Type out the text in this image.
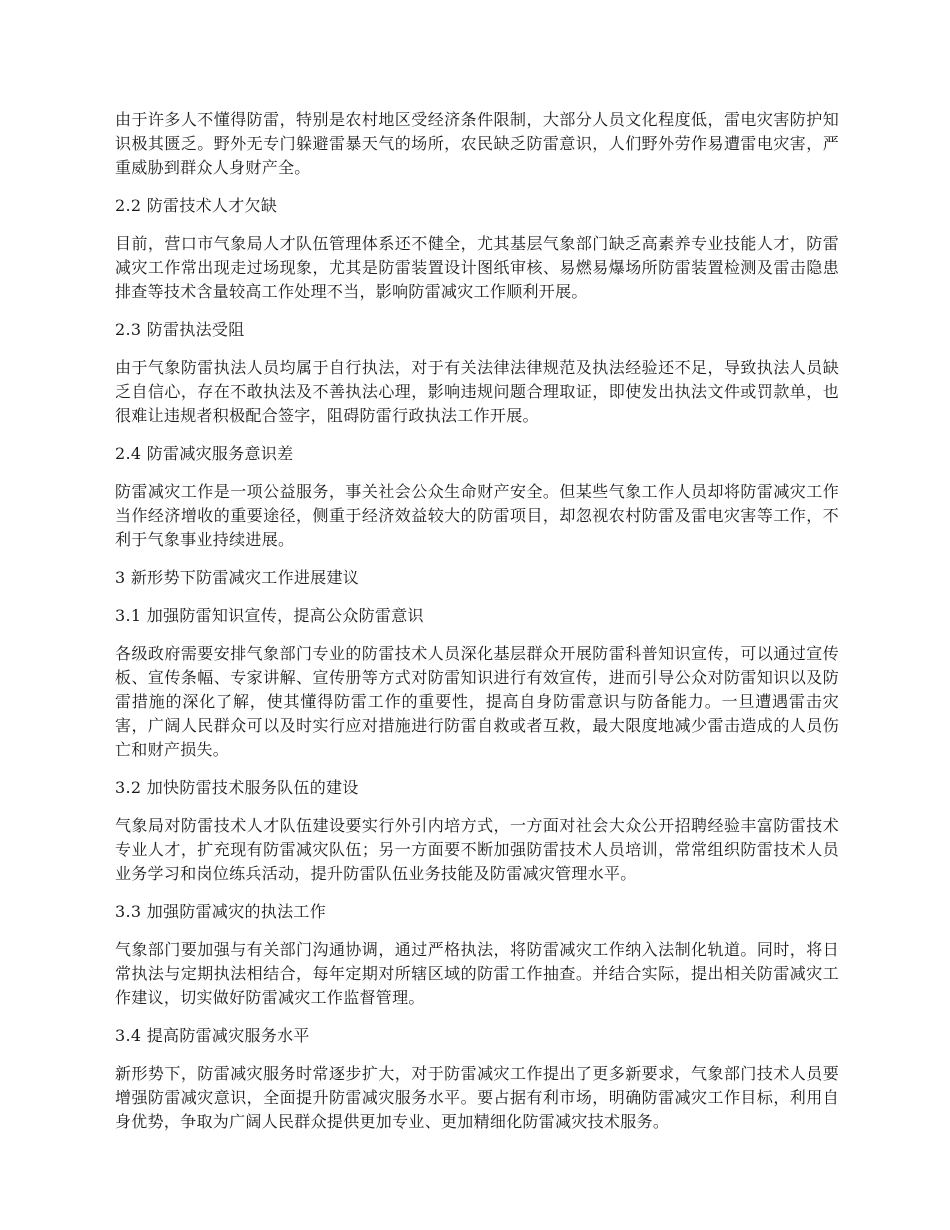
由于许多人不懂得防雷，特别是农村地区受经济条件限制，大部分人员文化程度低，雷电灾害防护知识极其匮乏。野外无专门躲避雷暴天气的场所，农民缺乏防雷意识，人们野外劳作易遭雷电灾害，严重威胁到群众人身财产全。

2.2 防雷技术人才欠缺

目前，营口市气象局人才队伍管理体系还不健全，尤其基层气象部门缺乏高素养专业技能人才，防雷减灾工作常出现走过场现象，尤其是防雷装置设计图纸审核、易燃易爆场所防雷装置检测及雷击隐患排查等技术含量较高工作处理不当，影响防雷减灾工作顺利开展。

2.3 防雷执法受阻

由于气象防雷执法人员均属于自行执法，对于有关法律法律规范及执法经验还不足，导致执法人员缺乏自信心，存在不敢执法及不善执法心理，影响违规问题合理取证，即使发出执法文件或罚款单，也很难让违规者积极配合签字，阻碍防雷行政执法工作开展。

2.4 防雷减灾服务意识差

防雷减灾工作是一项公益服务，事关社会公众生命财产安全。但某些气象工作人员却将防雷减灾工作当作经济增收的重要途径，侧重于经济效益较大的防雷项目，却忽视农村防雷及雷电灾害等工作，不利于气象事业持续进展。

3 新形势下防雷减灾工作进展建议

3.1 加强防雷知识宣传，提高公众防雷意识

各级政府需要安排气象部门专业的防雷技术人员深化基层群众开展防雷科普知识宣传，可以通过宣传板、宣传条幅、专家讲解、宣传册等方式对防雷知识进行有效宣传，进而引导公众对防雷知识以及防雷措施的深化了解，使其懂得防雷工作的重要性，提高自身防雷意识与防备能力。一旦遭遇雷击灾害，广阔人民群众可以及时实行应对措施进行防雷自救或者互救，最大限度地减少雷击造成的人员伤亡和财产损失。

3.2 加快防雷技术服务队伍的建设

气象局对防雷技术人才队伍建设要实行外引内培方式，一方面对社会大众公开招聘经验丰富防雷技术专业人才，扩充现有防雷减灾队伍；另一方面要不断加强防雷技术人员培训，常常组织防雷技术人员业务学习和岗位练兵活动，提升防雷队伍业务技能及防雷减灾管理水平。

3.3 加强防雷减灾的执法工作

气象部门要加强与有关部门沟通协调，通过严格执法，将防雷减灾工作纳入法制化轨道。同时，将日常执法与定期执法相结合，每年定期对所辖区域的防雷工作抽查。并结合实际，提出相关防雷减灾工作建议，切实做好防雷减灾工作监督管理。

3.4 提高防雷减灾服务水平

新形势下，防雷减灾服务时常逐步扩大，对于防雷减灾工作提出了更多新要求，气象部门技术人员要增强防雷减灾意识，全面提升防雷减灾服务水平。要占据有利市场，明确防雷减灾工作目标，利用自身优势，争取为广阔人民群众提供更加专业、更加精细化防雷减灾技术服务。
